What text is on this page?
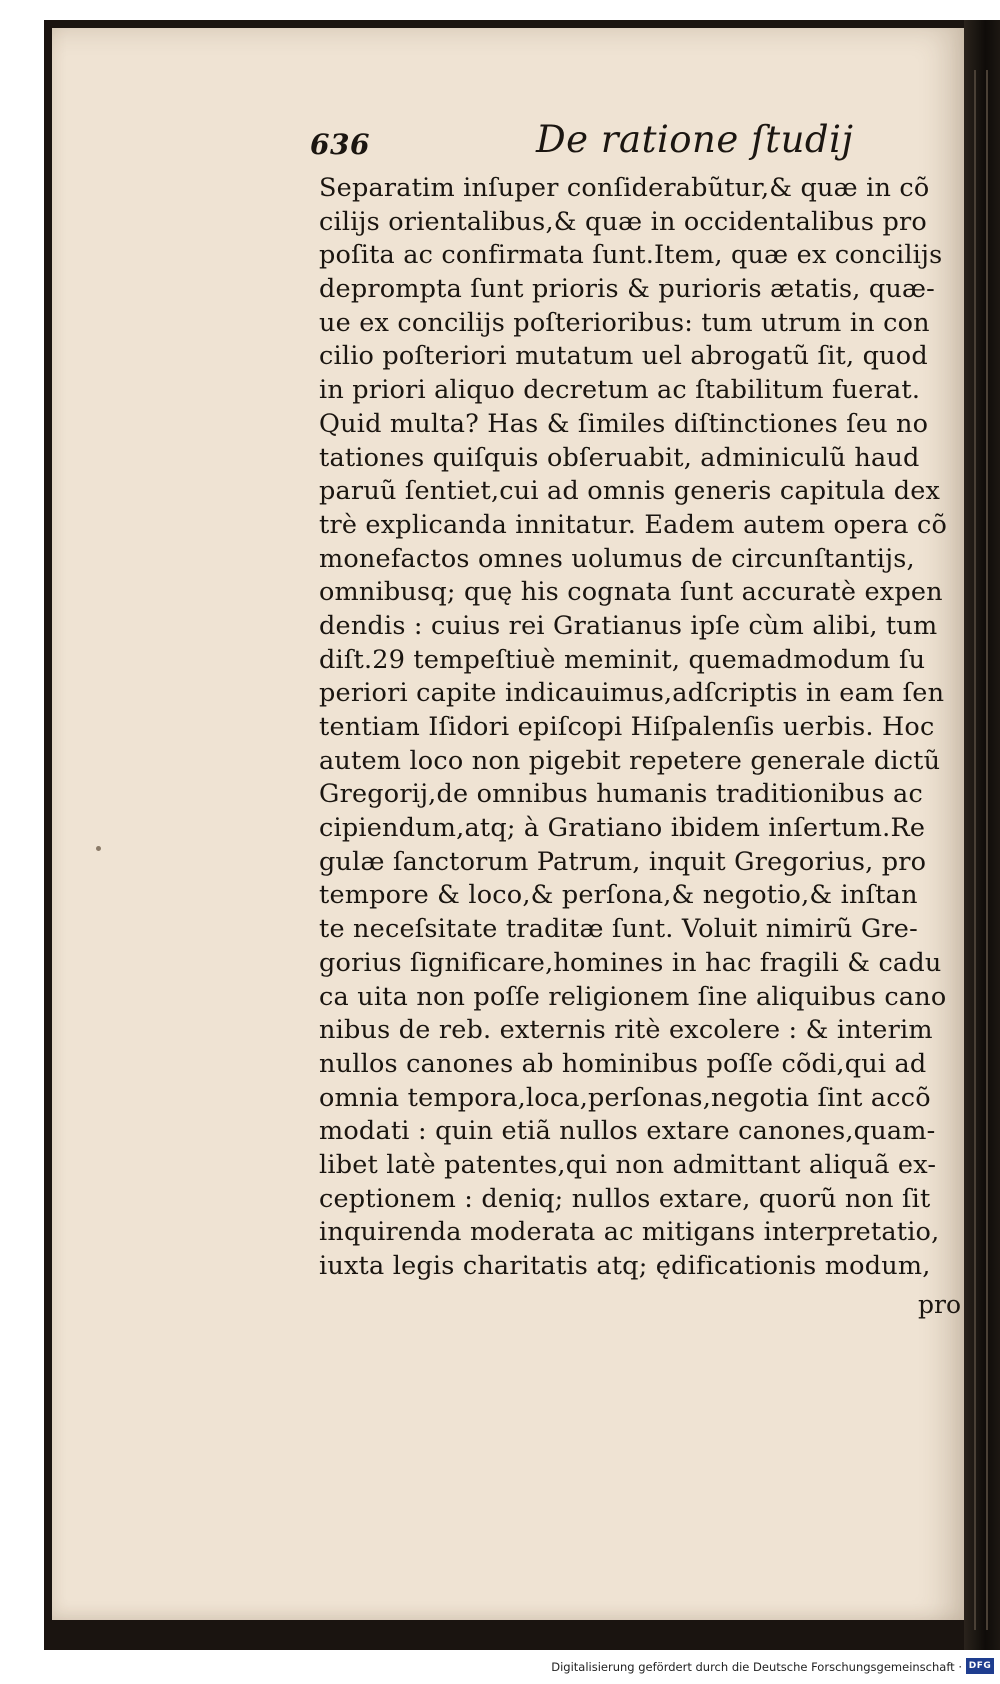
636	De ratione ſtudij
Separatim inſuper conſiderabũtur,& quæ in cõ
cilijs orientalibus,& quæ in occidentalibus pro
poſita ac confirmata ſunt.Item, quæ ex concilijs
deprompta ſunt prioris & purioris ætatis, quæ-
ue ex concilijs poſterioribus: tum utrum in con
cilio poſteriori mutatum uel abrogatũ ſit, quod
in priori aliquo decretum ac ſtabilitum fuerat.
Quid multa? Has & ſimiles diſtinctiones ſeu no
tationes quiſquis obſeruabit, adminiculũ haud
paruũ ſentiet,cui ad omnis generis capitula dex
trè explicanda innitatur. Eadem autem opera cõ
monefactos omnes uolumus de circunſtantijs,
omnibusq; quę his cognata ſunt accuratè expen
dendis : cuius rei Gratianus ipſe cùm alibi, tum
diſt.29 tempeſtiuè meminit, quemadmodum ſu
periori capite indicauimus,adſcriptis in eam ſen
tentiam Iſidori epiſcopi Hiſpalenſis uerbis. Hoc
autem loco non pigebit repetere generale dictũ
Gregorij,de omnibus humanis traditionibus ac
cipiendum,atq; à Gratiano ibidem inſertum.Re
gulæ ſanctorum Patrum, inquit Gregorius, pro
tempore & loco,& perſona,& negotio,& inſtan
te neceſsitate traditæ ſunt. Voluit nimirũ Gre-
gorius ſignificare,homines in hac fragili & cadu
ca uita non poſſe religionem ſine aliquibus cano
nibus de reb. externis ritè excolere : & interim
nullos canones ab hominibus poſſe cõdi,qui ad
omnia tempora,loca,perſonas,negotia ſint accõ
modati : quin etiã nullos extare canones,quam-
libet latè patentes,qui non admittant aliquã ex-
ceptionem : deniq; nullos extare, quorũ non ſit
inquirenda moderata ac mitigans interpretatio,
iuxta legis charitatis atq; ędificationis modum,
pro
Digitalisierung gefördert durch die Deutsche Forschungsgemeinschaft · DFG
